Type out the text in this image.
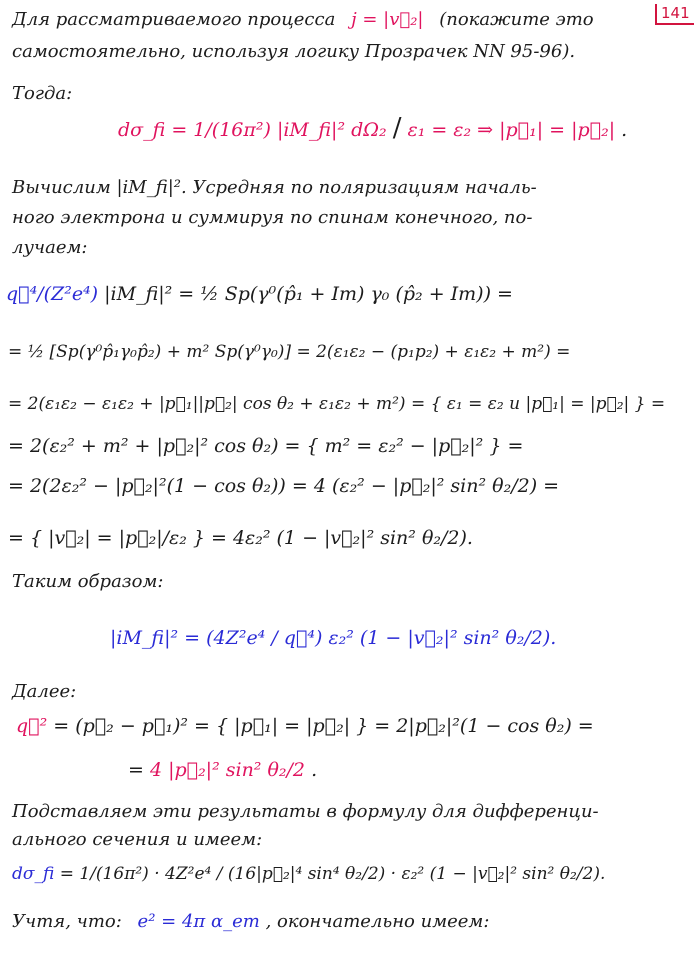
141
Для рассматриваемого процесса j = |v⃗₂| (покажите это
самостоятельно, используя логику Прозрачек NN 95-96).
Тогда:
dσ_fi = 1/(16π²) |iM_fi|² dΩ₂ / ε₁ = ε₂ ⇒ |p⃗₁| = |p⃗₂| .
Вычислим |iM_fi|². Усредняя по поляризациям началь-
ного электрона и суммируя по спинам конечного, по-
лучаем:
q⃗⁴/(Z²e⁴) |iM_fi|² = ½ Sp(γ⁰(p̂₁ + Im) γ₀ (p̂₂ + Im)) =
= ½ [Sp(γ⁰p̂₁γ₀p̂₂) + m² Sp(γ⁰γ₀)] = 2(ε₁ε₂ − (p₁p₂) + ε₁ε₂ + m²) =
= 2(ε₁ε₂ − ε₁ε₂ + |p⃗₁||p⃗₂| cos θ₂ + ε₁ε₂ + m²) = { ε₁ = ε₂ и |p⃗₁| = |p⃗₂| } =
= 2(ε₂² + m² + |p⃗₂|² cos θ₂) = { m² = ε₂² − |p⃗₂|² } =
= 2(2ε₂² − |p⃗₂|²(1 − cos θ₂)) = 4 (ε₂² − |p⃗₂|² sin² θ₂/2) =
= { |v⃗₂| = |p⃗₂|/ε₂ } = 4ε₂² (1 − |v⃗₂|² sin² θ₂/2).
Таким образом:
|iM_fi|² = (4Z²e⁴ / q⃗⁴) ε₂² (1 − |v⃗₂|² sin² θ₂/2).
Далее:
q⃗² = (p⃗₂ − p⃗₁)² = { |p⃗₁| = |p⃗₂| } = 2|p⃗₂|²(1 − cos θ₂) =
= 4 |p⃗₂|² sin² θ₂/2 .
Подставляем эти результаты в формулу для дифференци-
ального сечения и имеем:
dσ_fi = 1/(16π²) · 4Z²e⁴ / (16|p⃗₂|⁴ sin⁴ θ₂/2) · ε₂² (1 − |v⃗₂|² sin² θ₂/2).
Учтя, что: e² = 4π α_em , окончательно имеем:
